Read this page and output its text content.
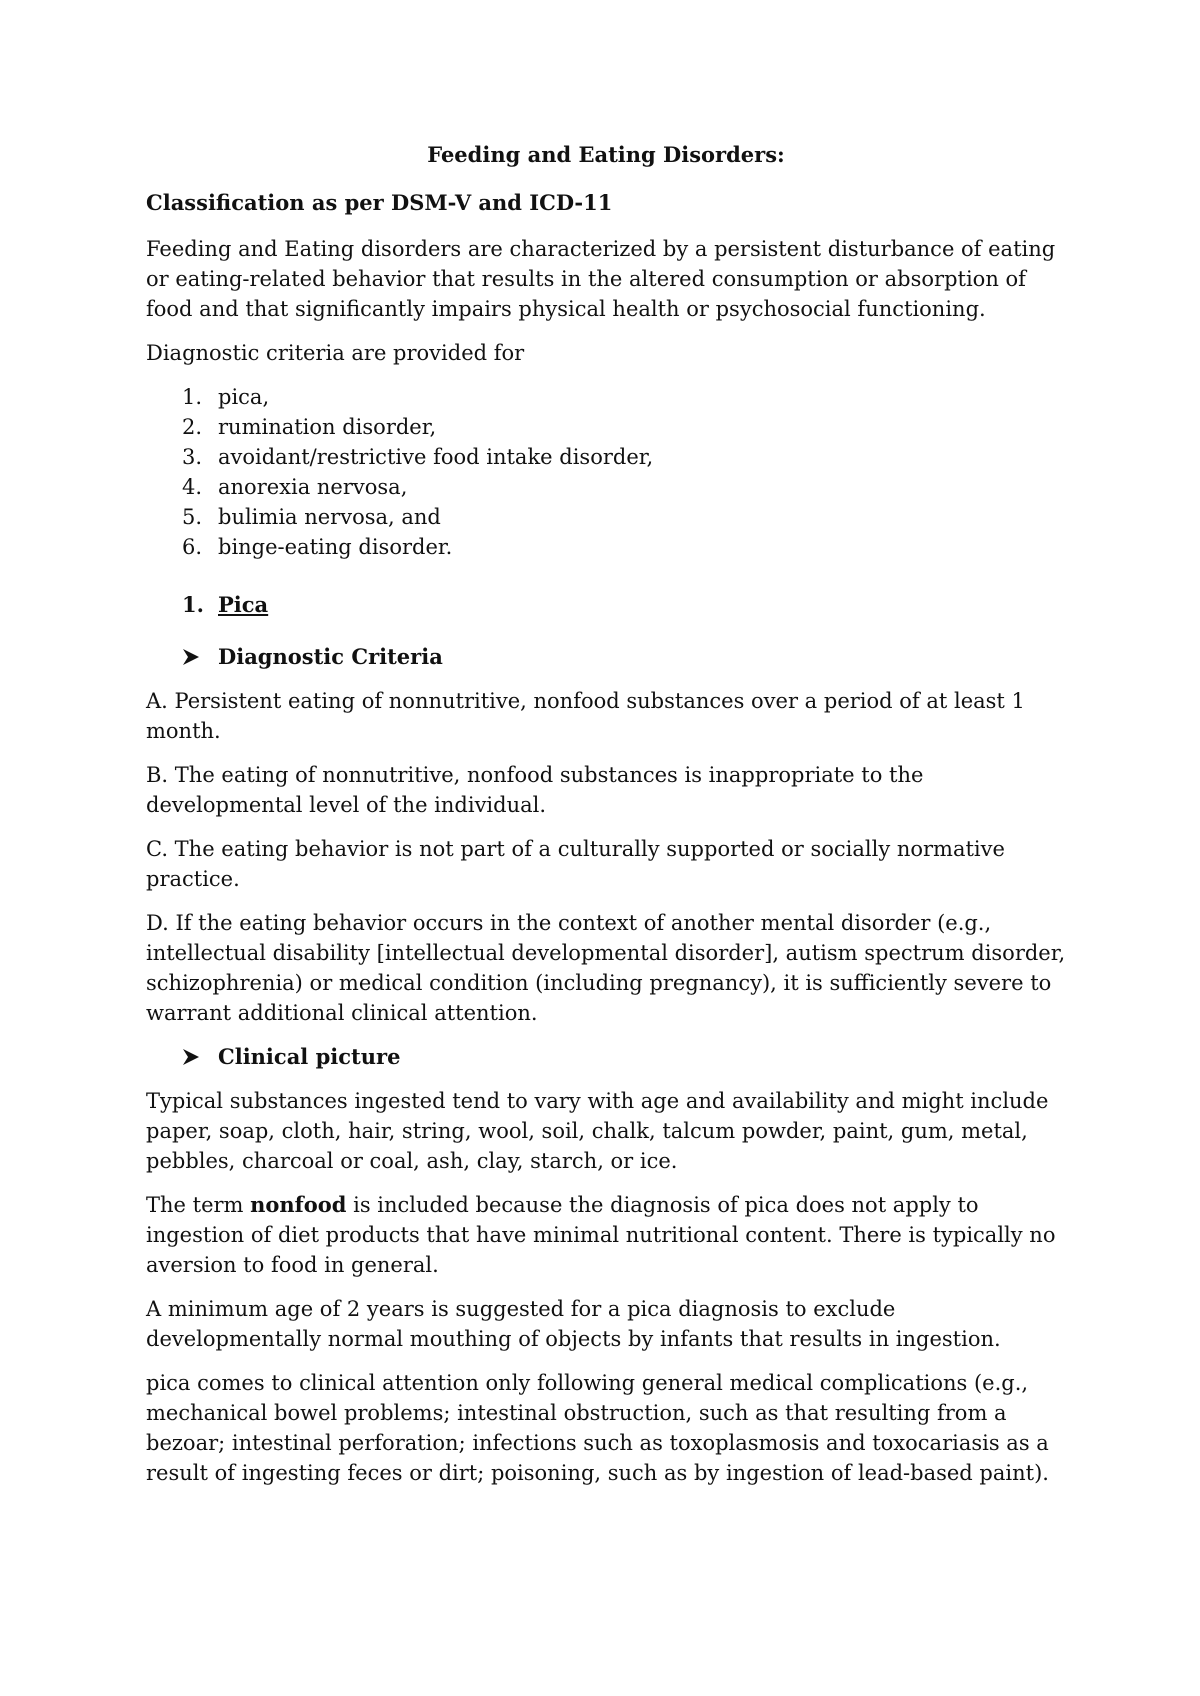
Feeding and Eating Disorders:

Classification as per DSM-V and ICD-11

Feeding and Eating disorders are characterized by a persistent disturbance of eating or eating-related behavior that results in the altered consumption or absorption of food and that significantly impairs physical health or psychosocial functioning.

Diagnostic criteria are provided for

1. pica,
2. rumination disorder,
3. avoidant/restrictive food intake disorder,
4. anorexia nervosa,
5. bulimia nervosa, and
6. binge-eating disorder.
1. Pica
Diagnostic Criteria

A. Persistent eating of nonnutritive, nonfood substances over a period of at least 1 month.

B. The eating of nonnutritive, nonfood substances is inappropriate to the developmental level of the individual.

C. The eating behavior is not part of a culturally supported or socially normative practice.

D. If the eating behavior occurs in the context of another mental disorder (e.g., intellectual disability [intellectual developmental disorder], autism spectrum disorder, schizophrenia) or medical condition (including pregnancy), it is sufficiently severe to warrant additional clinical attention.

Clinical picture

Typical substances ingested tend to vary with age and availability and might include paper, soap, cloth, hair, string, wool, soil, chalk, talcum powder, paint, gum, metal, pebbles, charcoal or coal, ash, clay, starch, or ice.

The term nonfood is included because the diagnosis of pica does not apply to ingestion of diet products that have minimal nutritional content. There is typically no aversion to food in general.

A minimum age of 2 years is suggested for a pica diagnosis to exclude developmentally normal mouthing of objects by infants that results in ingestion.

pica comes to clinical attention only following general medical complications (e.g., mechanical bowel problems; intestinal obstruction, such as that resulting from a bezoar; intestinal perforation; infections such as toxoplasmosis and toxocariasis as a result of ingesting feces or dirt; poisoning, such as by ingestion of lead-based paint).
